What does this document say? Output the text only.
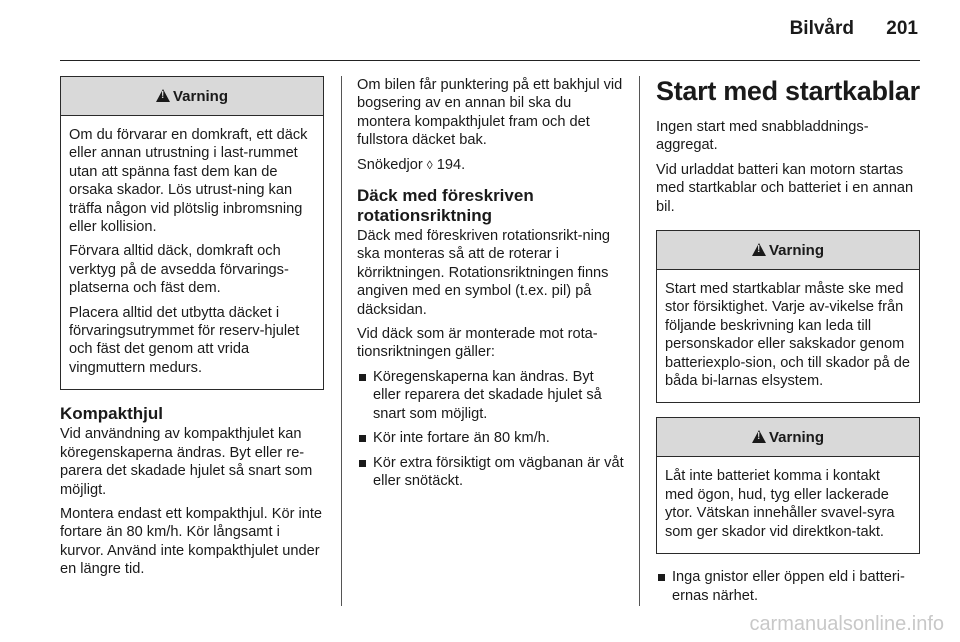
Bilvård 201
!
Varning

Om du förvarar en domkraft, ett däck eller annan utrustning i last-rummet utan att spänna fast dem kan de orsaka skador. Lös utrust-ning kan träffa någon vid plötslig inbromsning eller kollision.

Förvara alltid däck, domkraft och verktyg på de avsedda förvarings-platserna och fäst dem.

Placera alltid det utbytta däcket i förvaringsutrymmet för reserv-hjulet och fäst det genom att vrida vingmuttern medurs.

Kompakthjul

Vid användning av kompakthjulet kan köregenskaperna ändras. Byt eller re-parera det skadade hjulet så snart som möjligt.

Montera endast ett kompakthjul. Kör inte fortare än 80 km/h. Kör långsamt i kurvor. Använd inte kompakthjulet under en längre tid.

Om bilen får punktering på ett bakhjul vid bogsering av en annan bil ska du montera kompakthjulet fram och det fullstora däcket bak.

Snökedjor ◊ 194.

Däck med föreskriven rotationsriktning

Däck med föreskriven rotationsrikt-ning ska monteras så att de roterar i körriktningen. Rotationsriktningen finns angiven med en symbol (t.ex. pil) på däcksidan.

Vid däck som är monterade mot rota-tionsriktningen gäller:

Köregenskaperna kan ändras. Byt eller reparera det skadade hjulet så snart som möjligt.

Kör inte fortare än 80 km/h.

Kör extra försiktigt om vägbanan är våt eller snötäckt.

Start med startkablar

Ingen start med snabbladdnings-aggregat.

Vid urladdat batteri kan motorn startas med startkablar och batteriet i en annan bil.

!
Varning

Start med startkablar måste ske med stor försiktighet. Varje av-vikelse från följande beskrivning kan leda till personskador eller sakskador genom batteriexplo-sion, och till skador på de båda bi-larnas elsystem.

!
Varning

Låt inte batteriet komma i kontakt med ögon, hud, tyg eller lackerade ytor. Vätskan innehåller svavel-syra som ger skador vid direktkon-takt.

Inga gnistor eller öppen eld i batteri-ernas närhet.

carmanualsonline.info
